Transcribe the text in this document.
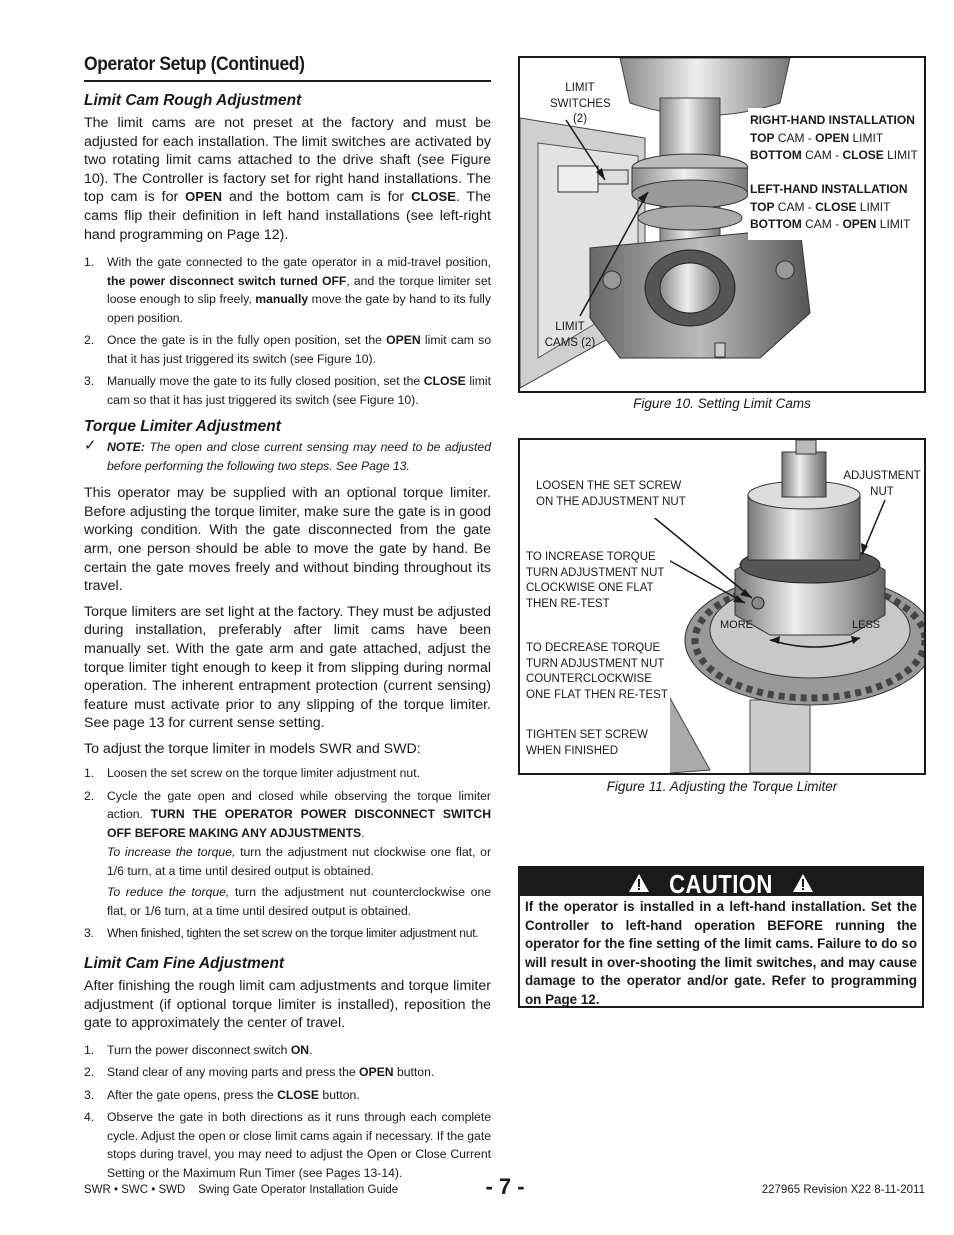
Operator Setup (Continued)
Limit Cam Rough Adjustment

The limit cams are not preset at the factory and must be adjusted for each installation. The limit switches are activated by two rotating limit cams attached to the drive shaft (see Figure 10). The Controller is factory set for right hand installations. The top cam is for OPEN and the bottom cam is for CLOSE. The cams flip their definition in left hand installations (see left-right hand programming on Page 12).

1. With the gate connected to the gate operator in a mid-travel position, the power disconnect switch turned OFF, and the torque limiter set loose enough to slip freely, manually move the gate by hand to its fully open position.
2. Once the gate is in the fully open position, set the OPEN limit cam so that it has just triggered its switch (see Figure 10).
3. Manually move the gate to its fully closed position, set the CLOSE limit cam so that it has just triggered its switch (see Figure 10).
Torque Limiter Adjustment
✓ NOTE: The open and close current sensing may need to be adjusted before performing the following two steps. See Page 13.

This operator may be supplied with an optional torque limiter. Before adjusting the torque limiter, make sure the gate is in good working condition. With the gate disconnected from the gate arm, one person should be able to move the gate by hand. Be certain the gate moves freely and without binding throughout its travel.

Torque limiters are set light at the factory. They must be adjusted during installation, preferably after limit cams have been manually set. With the gate arm and gate attached, adjust the torque limiter tight enough to keep it from slipping during normal operation. The inherent entrapment protection (current sensing) feature must activate prior to any slipping of the torque limiter. See page 13 for current sense setting.

To adjust the torque limiter in models SWR and SWD:

1. Loosen the set screw on the torque limiter adjustment nut.
2. Cycle the gate open and closed while observing the torque limiter action. TURN THE OPERATOR POWER DISCONNECT SWITCH OFF BEFORE MAKING ANY ADJUSTMENTS.
To increase the torque, turn the adjustment nut clockwise one flat, or 1/6 turn, at a time until desired output is obtained.
To reduce the torque, turn the adjustment nut counterclockwise one flat, or 1/6 turn, at a time until desired output is obtained.
3. When finished, tighten the set screw on the torque limiter adjustment nut.
Limit Cam Fine Adjustment

After finishing the rough limit cam adjustments and torque limiter adjustment (if optional torque limiter is installed), reposition the gate to approximately the center of travel.

1. Turn the power disconnect switch ON.
2. Stand clear of any moving parts and press the OPEN button.
3. After the gate opens, press the CLOSE button.
4. Observe the gate in both directions as it runs through each complete cycle. Adjust the open or close limit cams again if necessary. If the gate stops during travel, you may need to adjust the Open or Close Current Setting or the Maximum Run Timer (see Pages 13-14).
LIMIT
SWITCHES (2)
LIMIT
CAMS (2)
RIGHT-HAND INSTALLATION
TOP CAM - OPEN LIMIT
BOTTOM CAM - CLOSE LIMIT
LEFT-HAND INSTALLATION
TOP CAM - CLOSE LIMIT
BOTTOM CAM - OPEN LIMIT
Figure 10. Setting Limit Cams
LOOSEN THE SET SCREW
ON THE ADJUSTMENT NUT
ADJUSTMENT
NUT
TO INCREASE TORQUE
TURN ADJUSTMENT NUT
CLOCKWISE ONE FLAT
THEN RE-TEST
TO DECREASE TORQUE
TURN ADJUSTMENT NUT
COUNTERCLOCKWISE
ONE FLAT THEN RE-TEST
TIGHTEN SET SCREW
WHEN FINISHED
MORE	LESS
Figure 11. Adjusting the Torque Limiter
CAUTION
If the operator is installed in a left-hand installation. Set the Controller to left-hand operation BEFORE running the operator for the fine setting of the limit cams. Failure to do so will result in over-shooting the limit switches, and may cause damage to the operator and/or gate. Refer to programming on Page 12.
SWR • SWC • SWD    Swing Gate Operator Installation Guide	- 7 -	227965 Revision X22 8-11-2011
